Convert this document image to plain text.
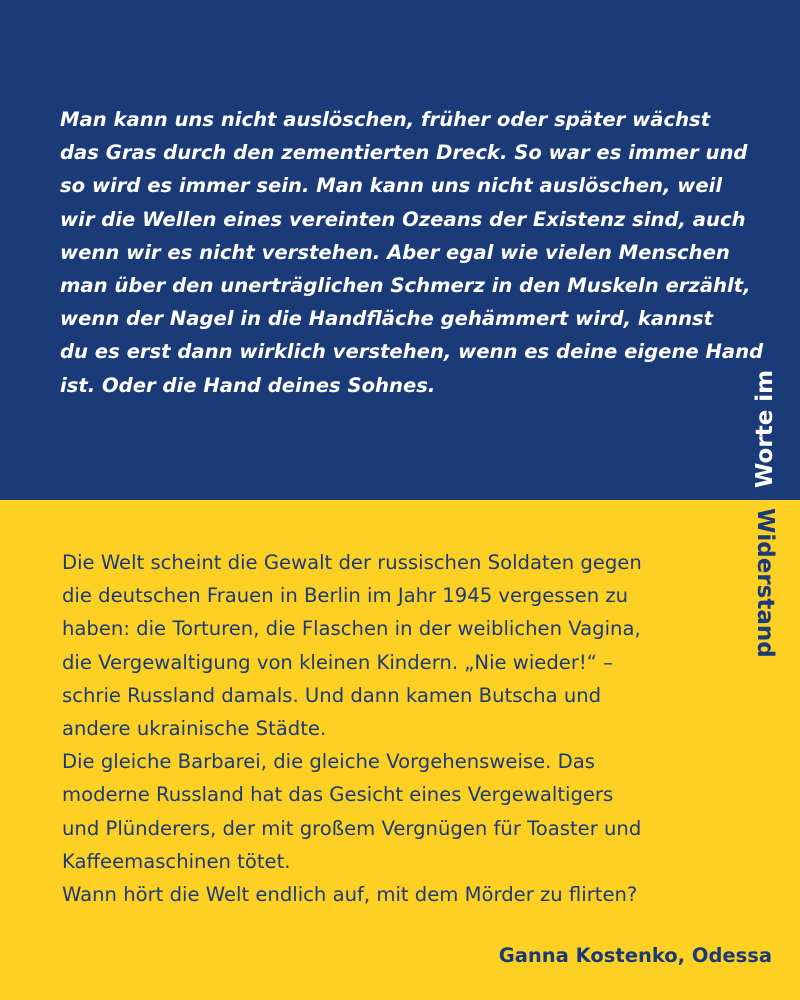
Man kann uns nicht auslöschen, früher oder später wächst
das Gras durch den zementierten Dreck. So war es immer und
so wird es immer sein. Man kann uns nicht auslöschen, weil
wir die Wellen eines vereinten Ozeans der Existenz sind, auch
wenn wir es nicht verstehen. Aber egal wie vielen Menschen
man über den unerträglichen Schmerz in den Muskeln erzählt,
wenn der Nagel in die Handfläche gehämmert wird, kannst
du es erst dann wirklich verstehen, wenn es deine eigene Hand
ist. Oder die Hand deines Sohnes.	Worte im
Widerstand
Die Welt scheint die Gewalt der russischen Soldaten gegen
die deutschen Frauen in Berlin im Jahr 1945 vergessen zu
haben: die Torturen, die Flaschen in der weiblichen Vagina,
die Vergewaltigung von kleinen Kindern. „Nie wieder!“ –
schrie Russland damals. Und dann kamen Butscha und
andere ukrainische Städte.
Die gleiche Barbarei, die gleiche Vorgehensweise. Das
moderne Russland hat das Gesicht eines Vergewaltigers
und Plünderers, der mit großem Vergnügen für Toaster und
Kaffeemaschinen tötet.
Wann hört die Welt endlich auf, mit dem Mörder zu flirten?

Ganna Kostenko, Odessa
